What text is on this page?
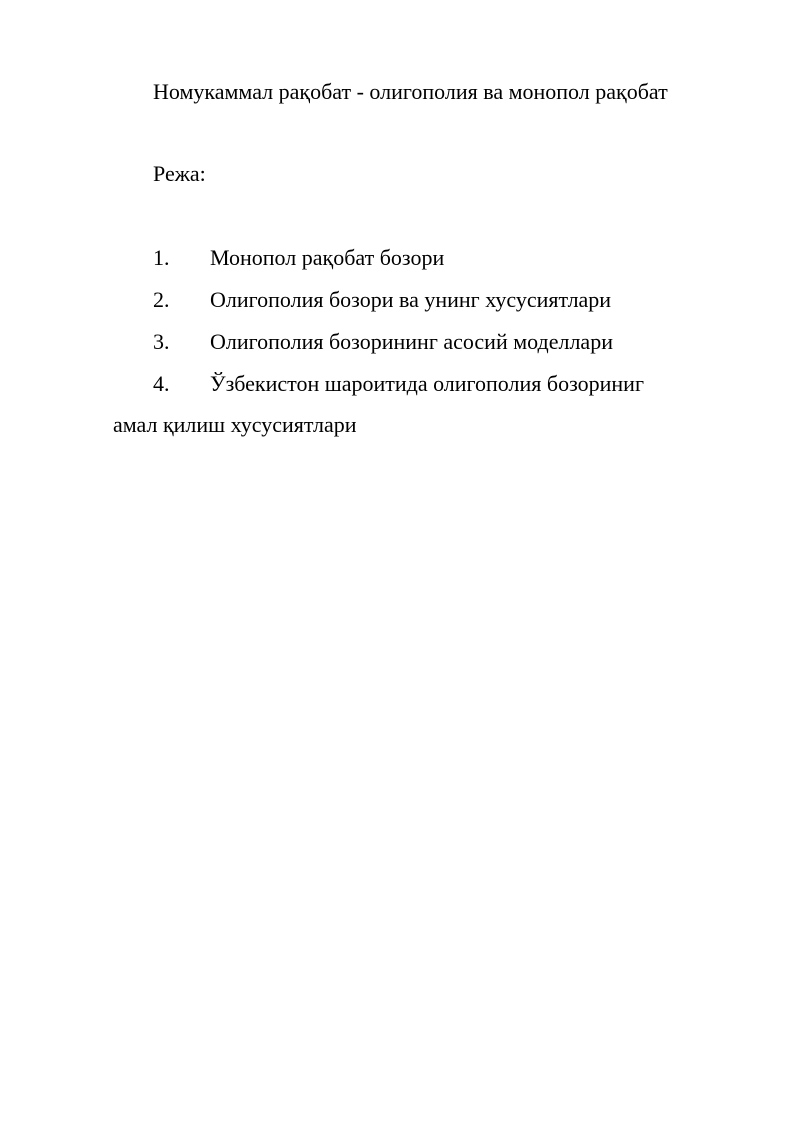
Номукаммал рақобат - олигополия ва монопол рақобат
Режа:
1. Монопол рақобат бозори
2. Олигополия бозори ва унинг хусусиятлари
3. Олигополия бозорининг асосий моделлари
4. Ўзбекистон шароитида олигополия бозориниг
амал қилиш хусусиятлари
